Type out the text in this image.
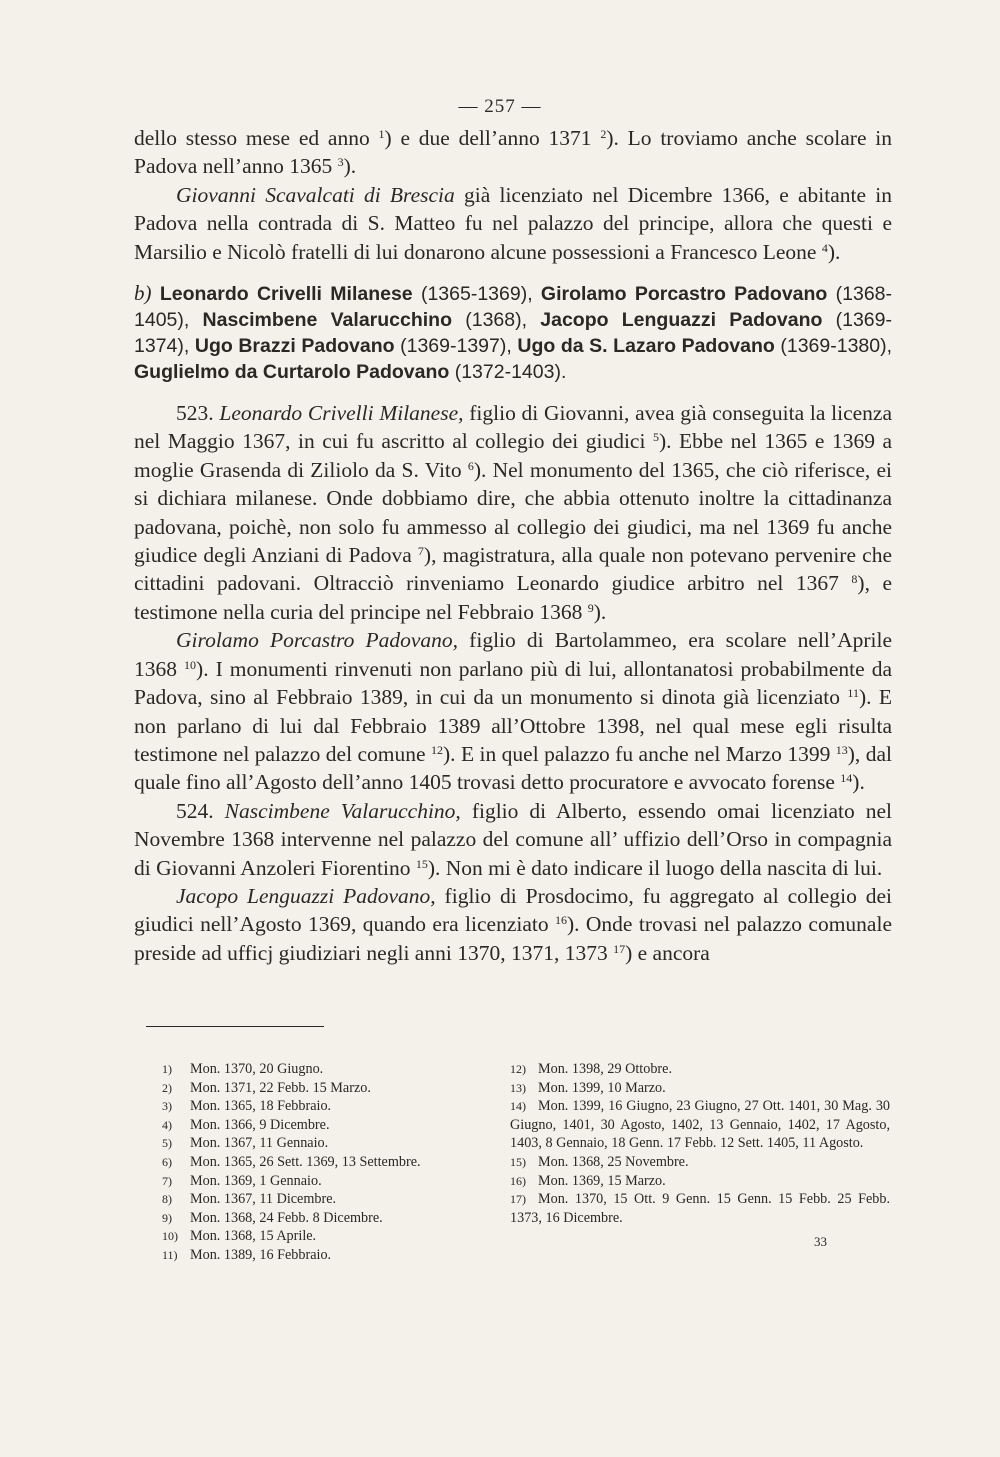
— 257 —

dello stesso mese ed anno $^1$) e due dell’anno 1371 $^2$). Lo troviamo anche scolare in Padova nell’anno 1365 $^3$).

Giovanni Scavalcati di Brescia già licenziato nel Dicembre 1366, e abitante in Padova nella contrada di S. Matteo fu nel palazzo del principe, allora che questi e Marsilio e Nicolò fratelli di lui donarono alcune possessioni a Francesco Leone $^4$).

b) Leonardo Crivelli Milanese (1365-1369), Girolamo Porcastro Padovano (1368-1405), Nascimbene Valarucchino (1368), Jacopo Lenguazzi Padovano (1369-1374), Ugo Brazzi Padovano (1369-1397), Ugo da S. Lazaro Padovano (1369-1380), Guglielmo da Curtarolo Padovano (1372-1403).

523. Leonardo Crivelli Milanese, figlio di Giovanni, avea già conseguita la licenza nel Maggio 1367, in cui fu ascritto al collegio dei giudici $^5$). Ebbe nel 1365 e 1369 a moglie Grasenda di Ziliolo da S. Vito $^6$). Nel monumento del 1365, che ciò riferisce, ei si dichiara milanese. Onde dobbiamo dire, che abbia ottenuto inoltre la cittadinanza padovana, poichè, non solo fu ammesso al collegio dei giudici, ma nel 1369 fu anche giudice degli Anziani di Padova $^7$), magistratura, alla quale non potevano pervenire che cittadini padovani. Oltracciò rinveniamo Leonardo giudice arbitro nel 1367 $^8$), e testimone nella curia del principe nel Febbraio 1368 $^9$).

Girolamo Porcastro Padovano, figlio di Bartolammeo, era scolare nell’Aprile 1368 $^{10}$). I monumenti rinvenuti non parlano più di lui, allontanatosi probabilmente da Padova, sino al Febbraio 1389, in cui da un monumento si dinota già licenziato $^{11}$). E non parlano di lui dal Febbraio 1389 all’Ottobre 1398, nel qual mese egli risulta testimone nel palazzo del comune $^{12}$). E in quel palazzo fu anche nel Marzo 1399 $^{13}$), dal quale fino all’Agosto dell’anno 1405 trovasi detto procuratore e avvocato forense $^{14}$).

524. Nascimbene Valarucchino, figlio di Alberto, essendo omai licenziato nel Novembre 1368 intervenne nel palazzo del comune all’ uffizio dell’Orso in compagnia di Giovanni Anzoleri Fiorentino $^{15}$). Non mi è dato indicare il luogo della nascita di lui.

Jacopo Lenguazzi Padovano, figlio di Prosdocimo, fu aggregato al collegio dei giudici nell’Agosto 1369, quando era licenziato $^{16}$). Onde trovasi nel palazzo comunale preside ad ufficj giudiziari negli anni 1370, 1371, 1373 $^{17}$) e ancora

1) Mon. 1370, 20 Giugno.
2) Mon. 1371, 22 Febb. 15 Marzo.
3) Mon. 1365, 18 Febbraio.
4) Mon. 1366, 9 Dicembre.
5) Mon. 1367, 11 Gennaio.
6) Mon. 1365, 26 Sett. 1369, 13 Settembre.
7) Mon. 1369, 1 Gennaio.
8) Mon. 1367, 11 Dicembre.
9) Mon. 1368, 24 Febb. 8 Dicembre.
10) Mon. 1368, 15 Aprile.
11) Mon. 1389, 16 Febbraio.
12) Mon. 1398, 29 Ottobre.
13) Mon. 1399, 10 Marzo.
14) Mon. 1399, 16 Giugno, 23 Giugno, 27 Ott. 1401, 30 Mag. 30 Giugno, 1401, 30 Agosto, 1402, 13 Gennaio, 1402, 17 Agosto, 1403, 8 Gennaio, 18 Genn. 17 Febb. 12 Sett. 1405, 11 Agosto.
15) Mon. 1368, 25 Novembre.
16) Mon. 1369, 15 Marzo.
17) Mon. 1370, 15 Ott. 9 Genn. 15 Genn. 15 Febb. 25 Febb. 1373, 16 Dicembre.
33
